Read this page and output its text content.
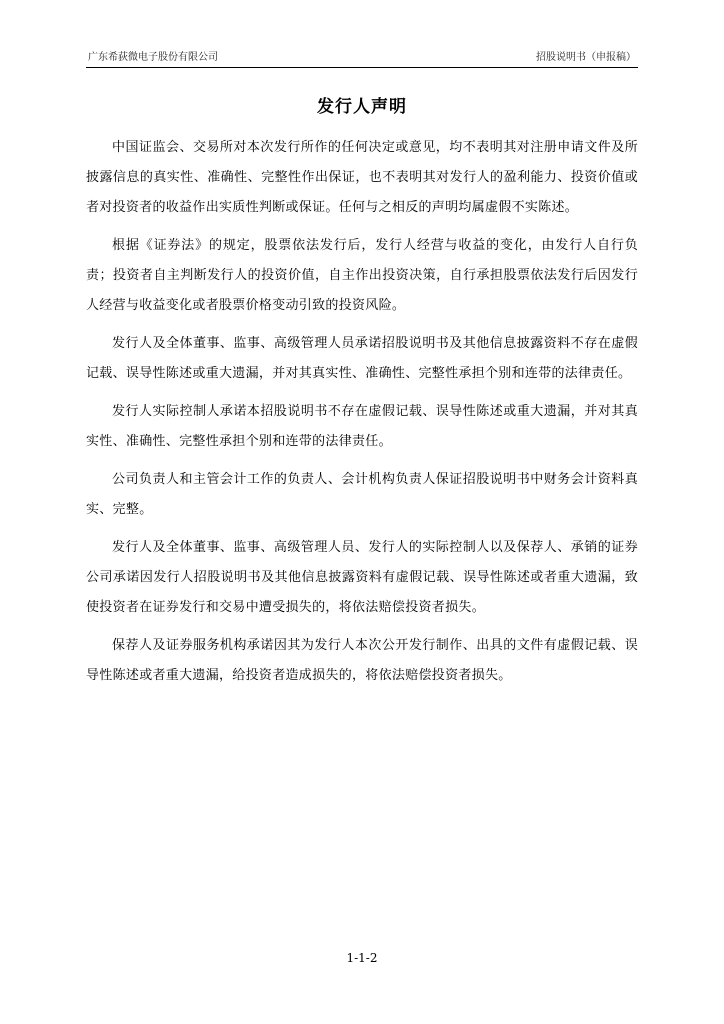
广东希荻微电子股份有限公司	招股说明书（申报稿）
发行人声明

中国证监会、交易所对本次发行所作的任何决定或意见，均不表明其对注册申请文件及所披露信息的真实性、准确性、完整性作出保证，也不表明其对发行人的盈利能力、投资价值或者对投资者的收益作出实质性判断或保证。任何与之相反的声明均属虚假不实陈述。

根据《证券法》的规定，股票依法发行后，发行人经营与收益的变化，由发行人自行负责；投资者自主判断发行人的投资价值，自主作出投资决策，自行承担股票依法发行后因发行人经营与收益变化或者股票价格变动引致的投资风险。

发行人及全体董事、监事、高级管理人员承诺招股说明书及其他信息披露资料不存在虚假记载、误导性陈述或重大遗漏，并对其真实性、准确性、完整性承担个别和连带的法律责任。

发行人实际控制人承诺本招股说明书不存在虚假记载、误导性陈述或重大遗漏，并对其真实性、准确性、完整性承担个别和连带的法律责任。

公司负责人和主管会计工作的负责人、会计机构负责人保证招股说明书中财务会计资料真实、完整。

发行人及全体董事、监事、高级管理人员、发行人的实际控制人以及保荐人、承销的证券公司承诺因发行人招股说明书及其他信息披露资料有虚假记载、误导性陈述或者重大遗漏，致使投资者在证券发行和交易中遭受损失的，将依法赔偿投资者损失。

保荐人及证券服务机构承诺因其为发行人本次公开发行制作、出具的文件有虚假记载、误导性陈述或者重大遗漏，给投资者造成损失的，将依法赔偿投资者损失。

1-1-2
